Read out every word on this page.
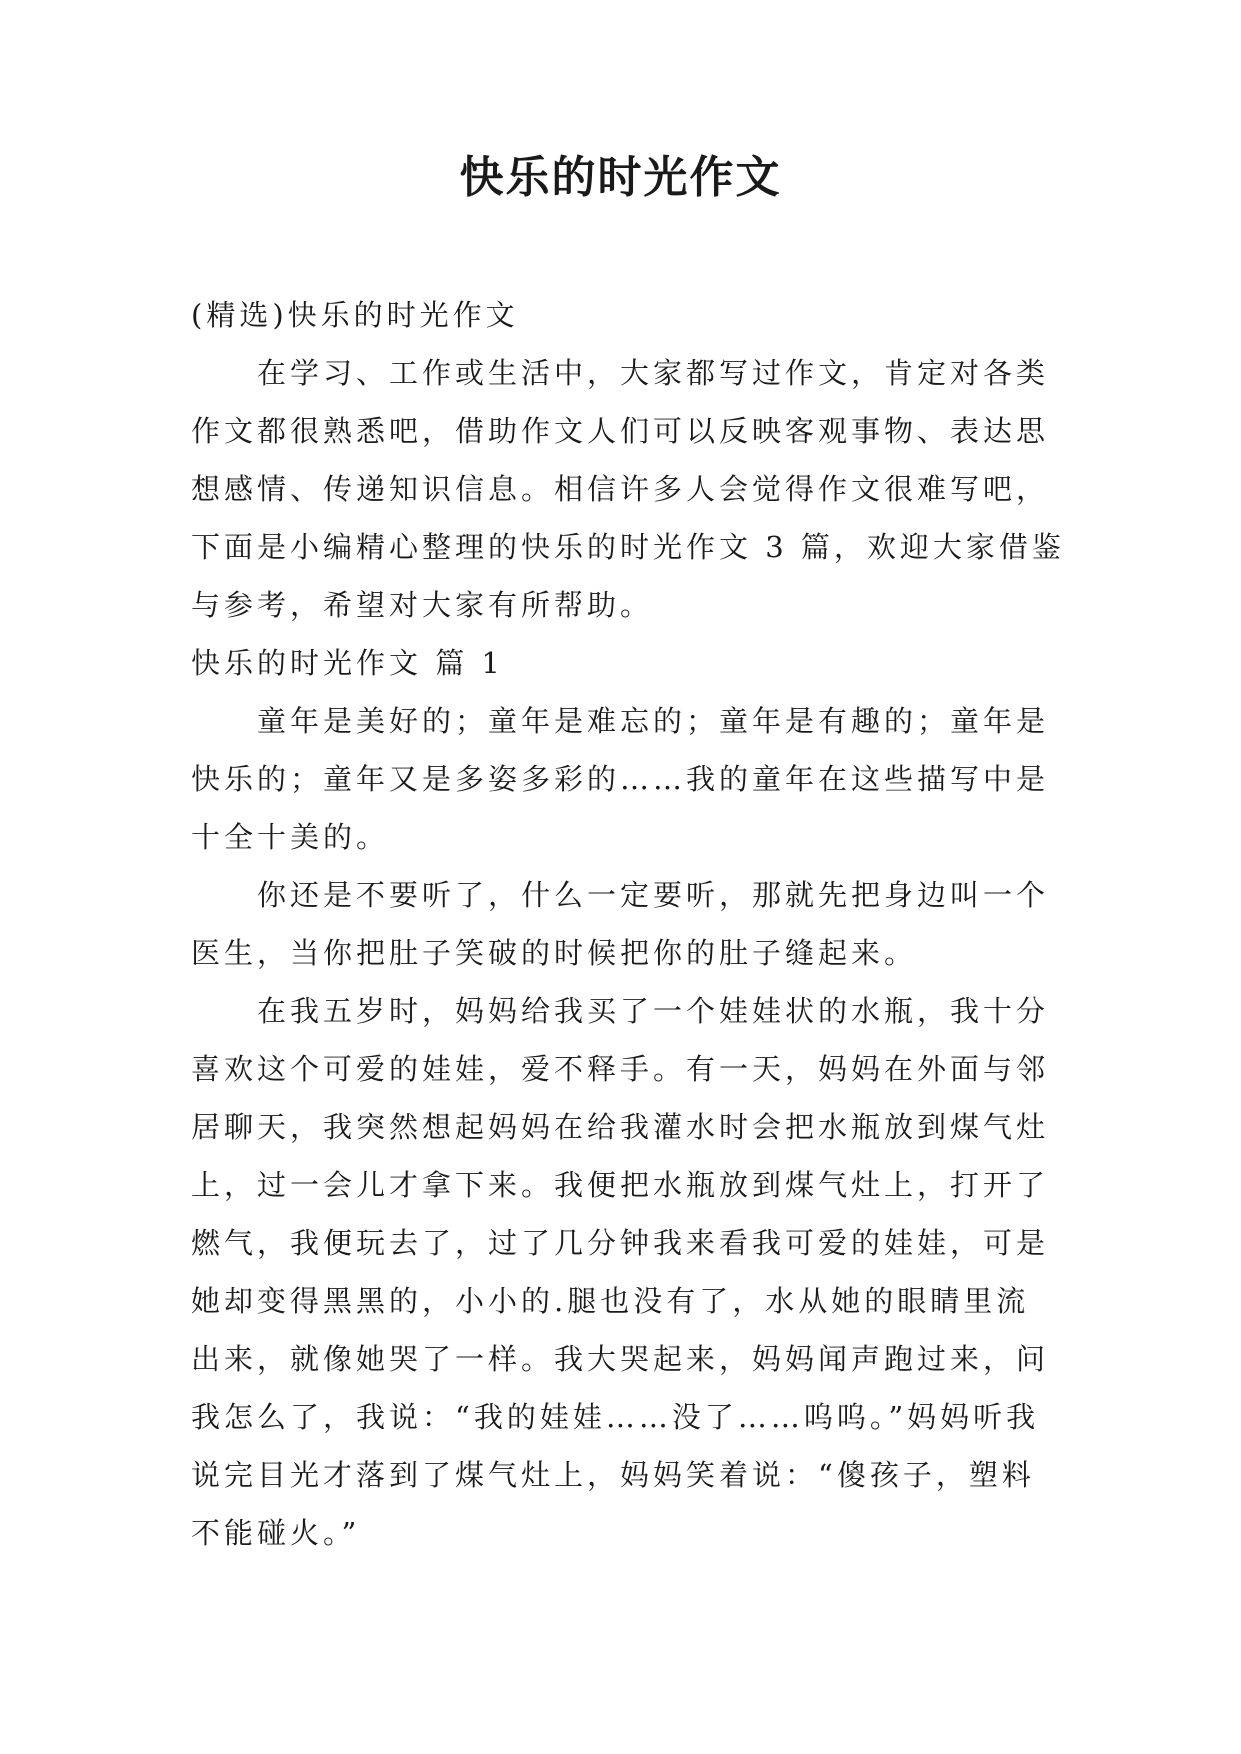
快乐的时光作文
(精选)快乐的时光作文
在学习、工作或生活中，大家都写过作文，肯定对各类
作文都很熟悉吧，借助作文人们可以反映客观事物、表达思
想感情、传递知识信息。相信许多人会觉得作文很难写吧，
下面是小编精心整理的快乐的时光作文 3 篇，欢迎大家借鉴
与参考，希望对大家有所帮助。
快乐的时光作文 篇 1
童年是美好的；童年是难忘的；童年是有趣的；童年是
快乐的；童年又是多姿多彩的……我的童年在这些描写中是
十全十美的。
你还是不要听了，什么一定要听，那就先把身边叫一个
医生，当你把肚子笑破的时候把你的肚子缝起来。
在我五岁时，妈妈给我买了一个娃娃状的水瓶，我十分
喜欢这个可爱的娃娃，爱不释手。有一天，妈妈在外面与邻
居聊天，我突然想起妈妈在给我灌水时会把水瓶放到煤气灶
上，过一会儿才拿下来。我便把水瓶放到煤气灶上，打开了
燃气，我便玩去了，过了几分钟我来看我可爱的娃娃，可是
她却变得黑黑的，小小的.腿也没有了，水从她的眼睛里流
出来，就像她哭了一样。我大哭起来，妈妈闻声跑过来，问
我怎么了，我说：“我的娃娃……没了……呜呜。”妈妈听我
说完目光才落到了煤气灶上，妈妈笑着说：“傻孩子，塑料
不能碰火。”
